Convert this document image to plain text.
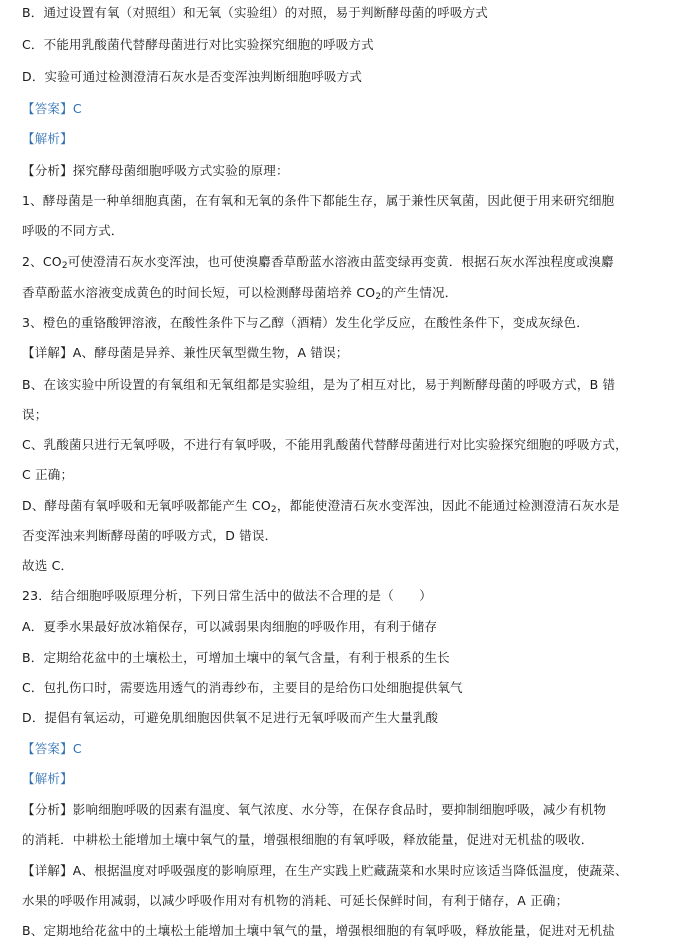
B．通过设置有氧（对照组）和无氧（实验组）的对照，易于判断酵母菌的呼吸方式
C．不能用乳酸菌代替酵母菌进行对比实验探究细胞的呼吸方式
D．实验可通过检测澄清石灰水是否变浑浊判断细胞呼吸方式
【答案】C
【解析】
【分析】探究酵母菌细胞呼吸方式实验的原理：
1、酵母菌是一种单细胞真菌，在有氧和无氧的条件下都能生存，属于兼性厌氧菌，因此便于用来研究细胞
呼吸的不同方式．
2、$CO_2$可使澄清石灰水变浑浊，也可使溴麝香草酚蓝水溶液由蓝变绿再变黄．根据石灰水浑浊程度或溴麝
香草酚蓝水溶液变成黄色的时间长短，可以检测酵母菌培养 $CO_2$的产生情况．
3、橙色的重铬酸钾溶液，在酸性条件下与乙醇（酒精）发生化学反应，在酸性条件下，变成灰绿色．
【详解】A、酵母菌是异养、兼性厌氧型微生物，A 错误；
B、在该实验中所设置的有氧组和无氧组都是实验组，是为了相互对比，易于判断酵母菌的呼吸方式，B 错
误；
C、乳酸菌只进行无氧呼吸，不进行有氧呼吸，不能用乳酸菌代替酵母菌进行对比实验探究细胞的呼吸方式，
C 正确；
D、酵母菌有氧呼吸和无氧呼吸都能产生 $CO_2$，都能使澄清石灰水变浑浊，因此不能通过检测澄清石灰水是
否变浑浊来判断酵母菌的呼吸方式，D 错误．
故选 C．
23．结合细胞呼吸原理分析，下列日常生活中的做法不合理的是（　　）
A．夏季水果最好放冰箱保存，可以减弱果肉细胞的呼吸作用，有利于储存
B．定期给花盆中的土壤松土，可增加土壤中的氧气含量，有利于根系的生长
C．包扎伤口时，需要选用透气的消毒纱布，主要目的是给伤口处细胞提供氧气
D．提倡有氧运动，可避免肌细胞因供氧不足进行无氧呼吸而产生大量乳酸
【答案】C
【解析】
【分析】影响细胞呼吸的因素有温度、氧气浓度、水分等，在保存食品时，要抑制细胞呼吸，减少有机物
的消耗．中耕松土能增加土壤中氧气的量，增强根细胞的有氧呼吸，释放能量，促进对无机盐的吸收．
【详解】A、根据温度对呼吸强度的影响原理，在生产实践上贮藏蔬菜和水果时应该适当降低温度，使蔬菜、
水果的呼吸作用减弱，以减少呼吸作用对有机物的消耗、可延长保鲜时间，有利于储存，A 正确；
B、定期地给花盆中的土壤松土能增加土壤中氧气的量，增强根细胞的有氧呼吸，释放能量，促进对无机盐
